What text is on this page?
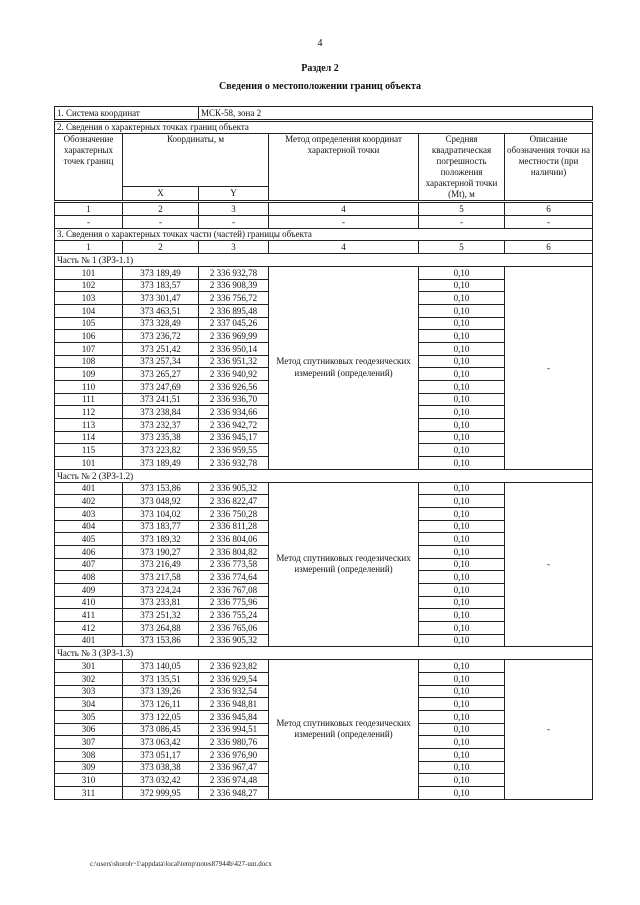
4
Раздел 2
Сведения о местоположении границ объекта
1. Система координат		МСК-58, зона 2			

2. Сведения о характерных точках границ объекта					
Обозначение характерных точек границ	Координаты, м		Метод определения координат характерной точки	Средняя квадратическая погрешность положения характерной точки (Mt), м	Описание обозначения точки на местности (при наличии)
	X	Y			

1	2	3	4	5	6
-	-	-	-	-	-
3. Сведения о характерных точках части (частей) границы объекта					
1	2	3	4	5	6
Часть № 1 (ЗРЗ-1.1)					
101	373 189,49	2 336 932,78	Метод спутниковых геодезических измерений (определений)	0,10	-
102	373 183,57	2 336 908,39		0,10	
103	373 301,47	2 336 756,72		0,10	
104	373 463,51	2 336 895,48		0,10	
105	373 328,49	2 337 045,26		0,10	
106	373 236,72	2 336 969,99		0,10	
107	373 251,42	2 336 950,14		0,10	
108	373 257,34	2 336 951,32		0,10	
109	373 265,27	2 336 940,92		0,10	
110	373 247,69	2 336 926,56		0,10	
111	373 241,51	2 336 936,70		0,10	
112	373 238,84	2 336 934,66		0,10	
113	373 232,37	2 336 942,72		0,10	
114	373 235,38	2 336 945,17		0,10	
115	373 223,82	2 336 959,55		0,10	
101	373 189,49	2 336 932,78		0,10	
Часть № 2 (ЗРЗ-1.2)					
401	373 153,86	2 336 905,32	Метод спутниковых геодезических измерений (определений)	0,10	-
402	373 048,92	2 336 822,47		0,10	
403	373 104,02	2 336 750,28		0,10	
404	373 183,77	2 336 811,28		0,10	
405	373 189,32	2 336 804,06		0,10	
406	373 190,27	2 336 804,82		0,10	
407	373 216,49	2 336 773,58		0,10	
408	373 217,58	2 336 774,64		0,10	
409	373 224,24	2 336 767,08		0,10	
410	373 233,81	2 336 775,96		0,10	
411	373 251,32	2 336 755,24		0,10	
412	373 264,88	2 336 765,06		0,10	
401	373 153,86	2 336 905,32		0,10	
Часть № 3 (ЗРЗ-1.3)					
301	373 140,05	2 336 923,82	Метод спутниковых геодезических измерений (определений)	0,10	-
302	373 135,51	2 336 929,54		0,10	
303	373 139,26	2 336 932,54		0,10	
304	373 126,11	2 336 948,81		0,10	
305	373 122,05	2 336 945,84		0,10	
306	373 086,45	2 336 994,51		0,10	
307	373 063,42	2 336 980,76		0,10	
308	373 051,17	2 336 976,90		0,10	
309	373 038,38	2 336 967,47		0,10	
310	373 032,42	2 336 974,48		0,10	
311	372 999,95	2 336 948,27		0,10	
c:\users\shoroh~1\appdata\local\temp\notes87944b\427-шп.docx
